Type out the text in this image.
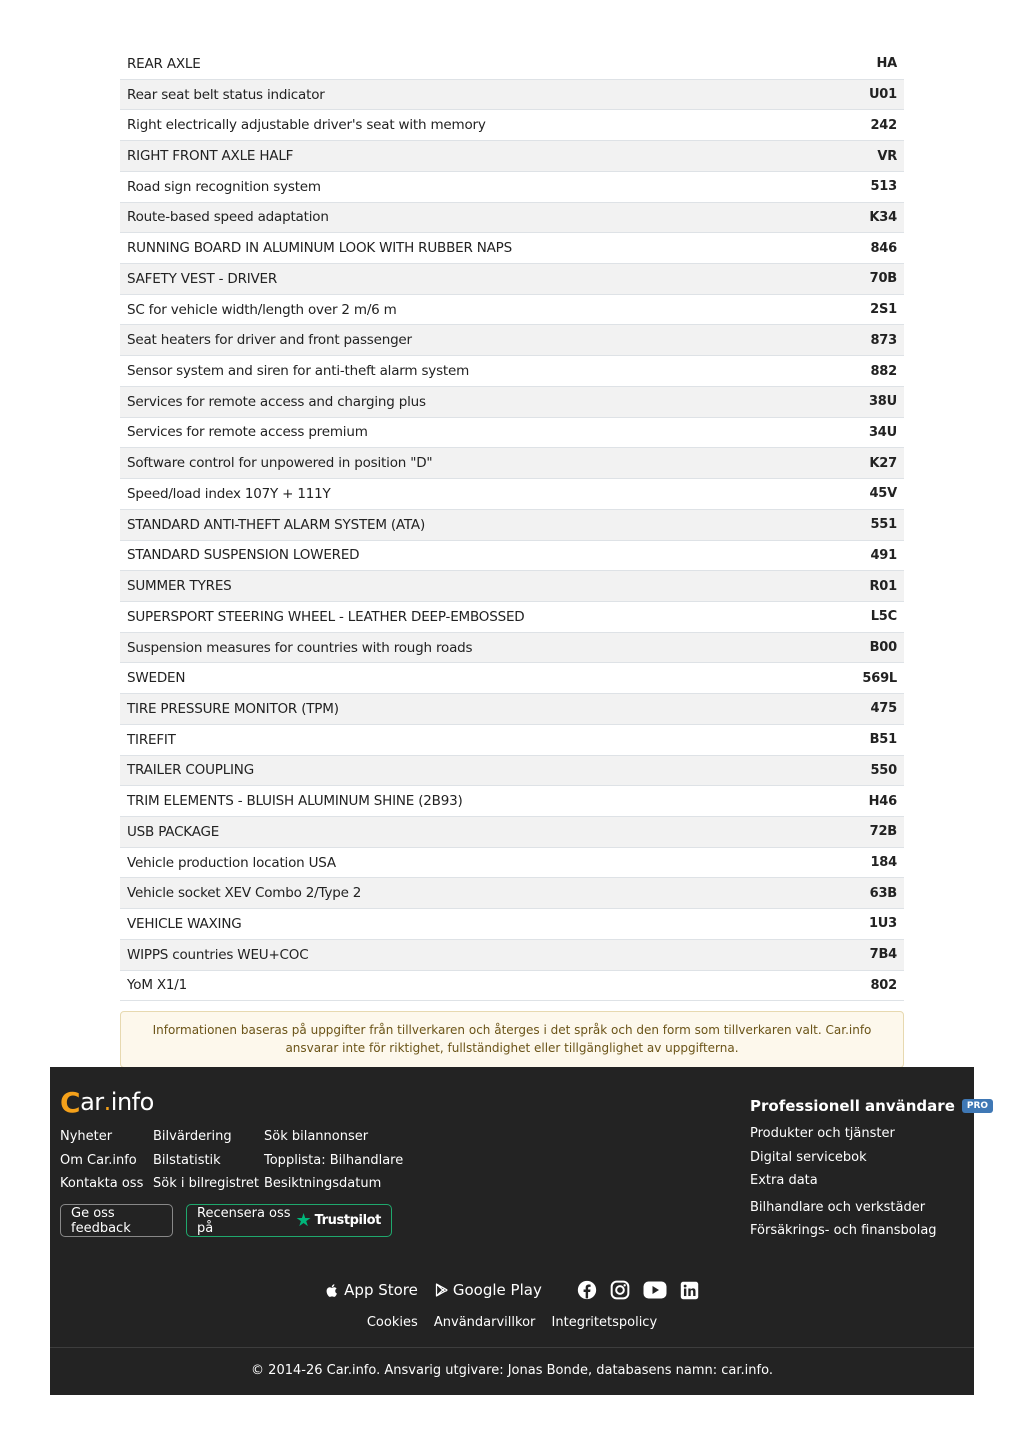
REAR AXLE	HA
Rear seat belt status indicator	U01
Right electrically adjustable driver's seat with memory	242
RIGHT FRONT AXLE HALF	VR
Road sign recognition system	513
Route-based speed adaptation	K34
RUNNING BOARD IN ALUMINUM LOOK WITH RUBBER NAPS	846
SAFETY VEST - DRIVER	70B
SC for vehicle width/length over 2 m/6 m	2S1
Seat heaters for driver and front passenger	873
Sensor system and siren for anti-theft alarm system	882
Services for remote access and charging plus	38U
Services for remote access premium	34U
Software control for unpowered in position "D"	K27
Speed/load index 107Y + 111Y	45V
STANDARD ANTI-THEFT ALARM SYSTEM (ATA)	551
STANDARD SUSPENSION LOWERED	491
SUMMER TYRES	R01
SUPERSPORT STEERING WHEEL - LEATHER DEEP-EMBOSSED	L5C
Suspension measures for countries with rough roads	B00
SWEDEN	569L
TIRE PRESSURE MONITOR (TPM)	475
TIREFIT	B51
TRAILER COUPLING	550
TRIM ELEMENTS - BLUISH ALUMINUM SHINE (2B93)	H46
USB PACKAGE	72B
Vehicle production location USA	184
Vehicle socket XEV Combo 2/Type 2	63B
VEHICLE WAXING	1U3
WIPPS countries WEU+COC	7B4
YoM X1/1	802
Informationen baseras på uppgifter från tillverkaren och återges i det språk och den form som tillverkaren valt. Car.info ansvarar inte för riktighet, fullständighet eller tillgänglighet av uppgifterna.
C ar . info
Nyheter
Om Car.info
Kontakta oss
Bilvärdering
Bilstatistik
Sök i bilregistret
Sök bilannonser
Topplista: Bilhandlare
Besiktningsdatum
Ge oss feedback
Recensera oss på	★ Trustpilot
Professionell användare	PRO
Produkter och tjänster
Digital servicebok
Extra data
Bilhandlare och verkstäder
Försäkrings- och finansbolag
App Store Google Play
Cookies Användarvillkor Integritetspolicy
© 2014-26 Car.info. Ansvarig utgivare: Jonas Bonde, databasens namn: car.info.
